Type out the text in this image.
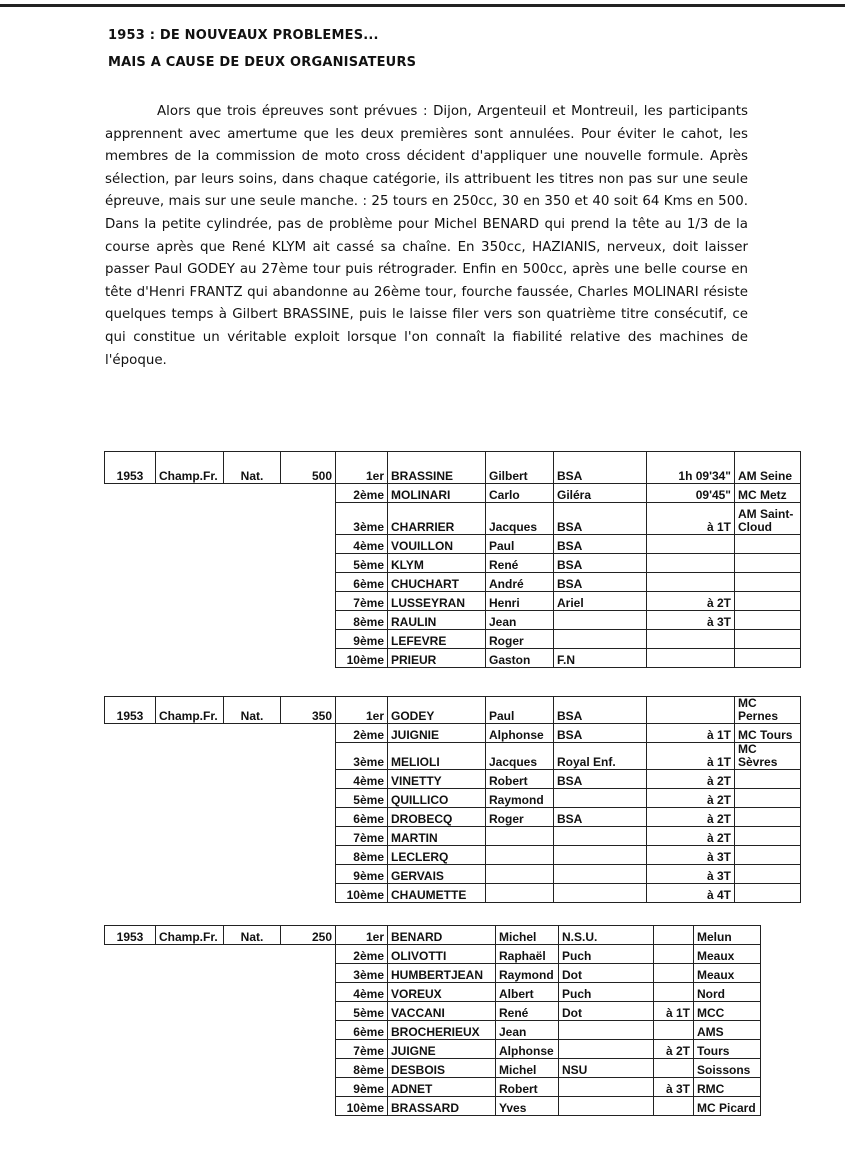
1953 : DE NOUVEAUX PROBLEMES...
MAIS A CAUSE DE DEUX ORGANISATEURS
Alors que trois épreuves sont prévues : Dijon, Argenteuil et Montreuil, les participants apprennent avec amertume que les deux premières sont annulées. Pour éviter le cahot, les membres de la commission de moto cross décident d'appliquer une nouvelle formule. Après sélection, par leurs soins, dans chaque catégorie, ils attribuent les titres non pas sur une seule épreuve, mais sur une seule manche. : 25 tours en 250cc, 30 en 350 et 40 soit 64 Kms en 500. Dans la petite cylindrée, pas de problème pour Michel BENARD qui prend la tête au 1/3 de la course après que René KLYM ait cassé sa chaîne. En 350cc, HAZIANIS, nerveux, doit laisser passer Paul GODEY au 27ème tour puis rétrograder. Enfin en 500cc, après une belle course en tête d'Henri FRANTZ qui abandonne au 26ème tour, fourche faussée, Charles MOLINARI résiste quelques temps à Gilbert BRASSINE, puis le laisse filer vers son quatrième titre consécutif, ce qui constitue un véritable exploit lorsque l'on connaît la fiabilité relative des machines de l'époque.
1953	Champ.Fr.	Nat.	500	1er	BRASSINE	Gilbert	BSA	1h 09'34"	AM Seine
				2ème	MOLINARI	Carlo	Giléra	09'45"	MC Metz
				3ème	CHARRIER	Jacques	BSA	à 1T	AM Saint-Cloud
				4ème	VOUILLON	Paul	BSA		
				5ème	KLYM	René	BSA		
				6ème	CHUCHART	André	BSA		
				7ème	LUSSEYRAN	Henri	Ariel	à 2T	
				8ème	RAULIN	Jean		à 3T	
				9ème	LEFEVRE	Roger			
				10ème	PRIEUR	Gaston	F.N		
1953	Champ.Fr.	Nat.	350	1er	GODEY	Paul	BSA		MC Pernes
				2ème	JUIGNIE	Alphonse	BSA	à 1T	MC Tours
				3ème	MELIOLI	Jacques	Royal Enf.	à 1T	MC Sèvres
				4ème	VINETTY	Robert	BSA	à 2T	
				5ème	QUILLICO	Raymond		à 2T	
				6ème	DROBECQ	Roger	BSA	à 2T	
				7ème	MARTIN			à 2T	
				8ème	LECLERQ			à 3T	
				9ème	GERVAIS			à 3T	
				10ème	CHAUMETTE			à 4T	
1953	Champ.Fr.	Nat.	250	1er	BENARD	Michel	N.S.U.		Melun
				2ème	OLIVOTTI	Raphaël	Puch		Meaux
				3ème	HUMBERTJEAN	Raymond	Dot		Meaux
				4ème	VOREUX	Albert	Puch		Nord
				5ème	VACCANI	René	Dot	à 1T	MCC
				6ème	BROCHERIEUX	Jean			AMS
				7ème	JUIGNE	Alphonse		à 2T	Tours
				8ème	DESBOIS	Michel	NSU		Soissons
				9ème	ADNET	Robert		à 3T	RMC
				10ème	BRASSARD	Yves			MC Picard
